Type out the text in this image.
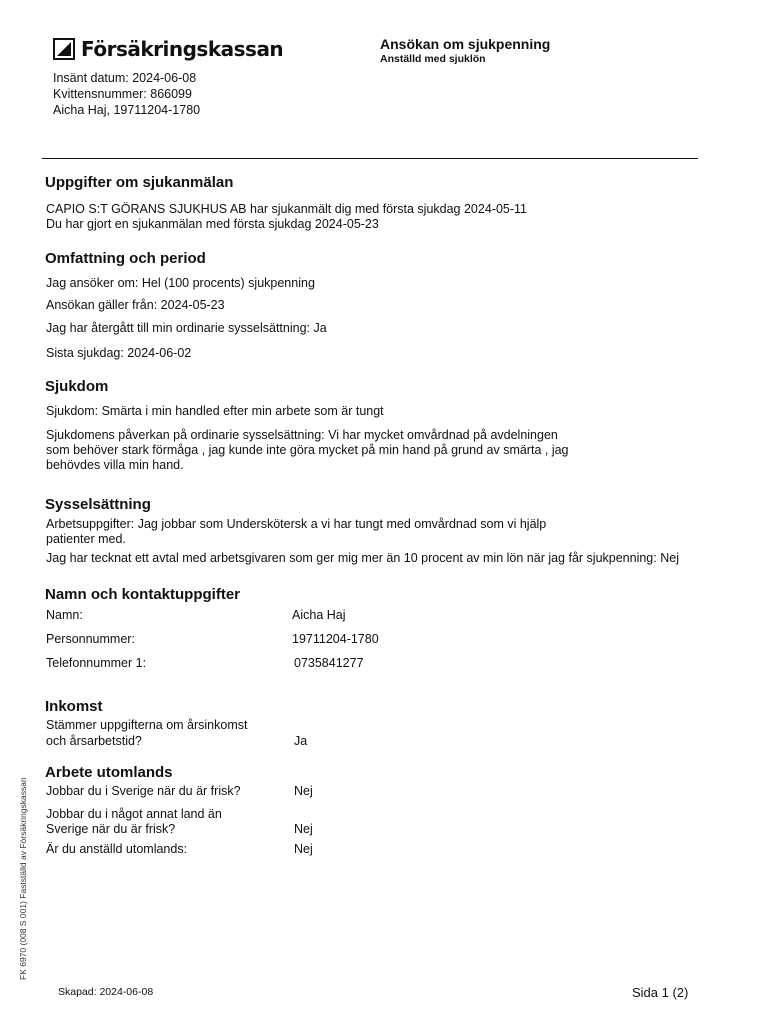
Försäkringskassan	Ansökan om sjukpenning
Anställd med sjuklön
Insänt datum: 2024-06-08
Kvittensnummer: 866099
Aicha Haj, 19711204-1780
Uppgifter om sjukanmälan
CAPIO S:T GÖRANS SJUKHUS AB har sjukanmält dig med första sjukdag 2024-05-11
Du har gjort en sjukanmälan med första sjukdag 2024-05-23
Omfattning och period
Jag ansöker om: Hel (100 procents) sjukpenning
Ansökan gäller från: 2024-05-23
Jag har återgått till min ordinarie sysselsättning: Ja
Sista sjukdag: 2024-06-02
Sjukdom
Sjukdom: Smärta i min handled efter min arbete som är tungt
Sjukdomens påverkan på ordinarie sysselsättning: Vi har mycket omvårdnad på avdelningen
som behöver stark förmåga , jag kunde inte göra mycket på min hand på grund av smärta , jag
behövdes villa min hand.
Sysselsättning
Arbetsuppgifter: Jag jobbar som Underskötersk a vi har tungt med omvårdnad som vi hjälp
patienter med.
Jag har tecknat ett avtal med arbetsgivaren som ger mig mer än 10 procent av min lön när jag får sjukpenning: Nej
Namn och kontaktuppgifter
Namn:	Aicha Haj
Personnummer:	19711204-1780
Telefonnummer 1:	0735841277
Inkomst
Stämmer uppgifterna om årsinkomst
och årsarbetstid?	Ja
Arbete utomlands
Jobbar du i Sverige när du är frisk?	Nej
Jobbar du i något annat land än
Sverige när du är frisk?	Nej
Är du anställd utomlands:	Nej
FK 6970 (008 S 001) Fastställd av Försäkringskassan
Skapad: 2024-06-08	Sida 1 (2)
